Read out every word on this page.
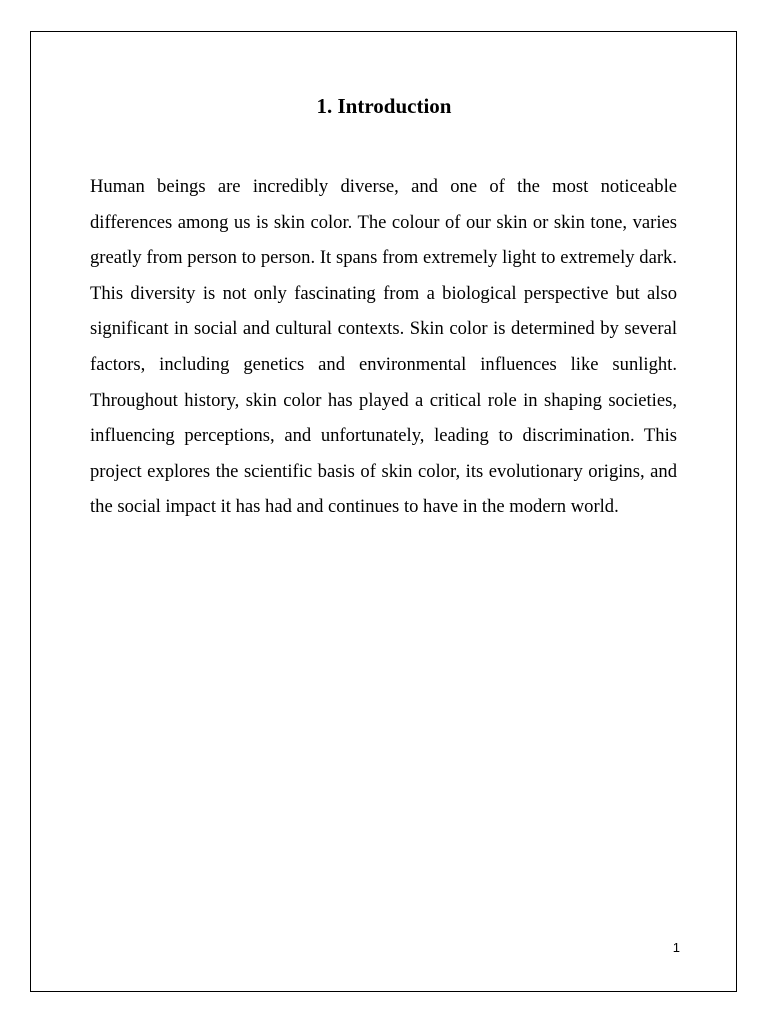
1. Introduction

Human beings are incredibly diverse, and one of the most noticeable differences among us is skin color. The colour of our skin or skin tone, varies greatly from person to person. It spans from extremely light to extremely dark. This diversity is not only fascinating from a biological perspective but also significant in social and cultural contexts. Skin color is determined by several factors, including genetics and environmental influences like sunlight. Throughout history, skin color has played a critical role in shaping societies, influencing perceptions, and unfortunately, leading to discrimination. This project explores the scientific basis of skin color, its evolutionary origins, and the social impact it has had and continues to have in the modern world.

1
